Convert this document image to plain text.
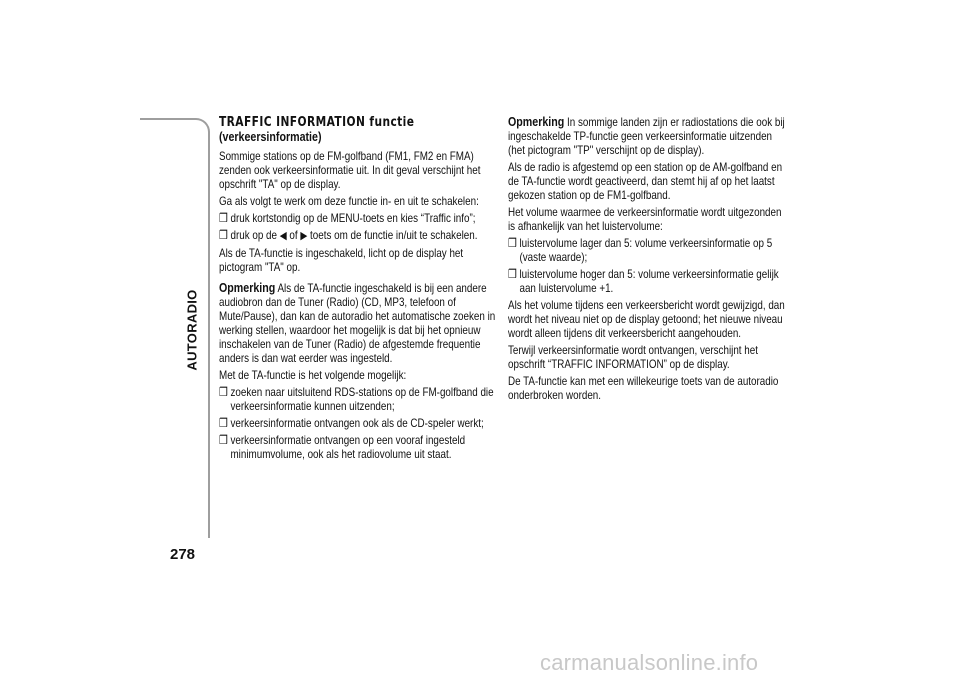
AUTORADIO
278
TRAFFIC INFORMATION functie
(verkeersinformatie)

Sommige stations op de FM-golfband (FM1, FM2 en FMA) zenden ook verkeersinformatie uit. In dit geval verschijnt het opschrift "TA" op de display.

Ga als volgt te werk om deze functie in- en uit te schakelen:

❒ druk kortstondig op de MENU-toets en kies “Traffic info”;
❒ druk op de ◀ of ▶ toets om de functie in/uit te schakelen.

Als de TA-functie is ingeschakeld, licht op de display het pictogram "TA" op.

Opmerking Als de TA-functie ingeschakeld is bij een andere audiobron dan de Tuner (Radio) (CD, MP3, telefoon of Mute/Pause), dan kan de autoradio het automatische zoeken in werking stellen, waardoor het mogelijk is dat bij het opnieuw inschakelen van de Tuner (Radio) de afgestemde frequentie anders is dan wat eerder was ingesteld.

Met de TA-functie is het volgende mogelijk:

❒ zoeken naar uitsluitend RDS-stations op de FM-golfband die verkeersinformatie kunnen uitzenden;
❒ verkeersinformatie ontvangen ook als de CD-speler werkt;
❒ verkeersinformatie ontvangen op een vooraf ingesteld minimumvolume, ook als het radiovolume uit staat.

Opmerking In sommige landen zijn er radiostations die ook bij ingeschakelde TP-functie geen verkeersinformatie uitzenden (het pictogram "TP" verschijnt op de display).

Als de radio is afgestemd op een station op de AM-golfband en de TA-functie wordt geactiveerd, dan stemt hij af op het laatst gekozen station op de FM1-golfband.

Het volume waarmee de verkeersinformatie wordt uitgezonden is afhankelijk van het luistervolume:

❒ luistervolume lager dan 5: volume verkeersinformatie op 5 (vaste waarde);
❒ luistervolume hoger dan 5: volume verkeersinformatie gelijk aan luistervolume +1.

Als het volume tijdens een verkeersbericht wordt gewijzigd, dan wordt het niveau niet op de display getoond; het nieuwe niveau wordt alleen tijdens dit verkeersbericht aangehouden.

Terwijl verkeersinformatie wordt ontvangen, verschijnt het opschrift “TRAFFIC INFORMATION” op de display.

De TA-functie kan met een willekeurige toets van de autoradio onderbroken worden.

carmanualsonline.info
